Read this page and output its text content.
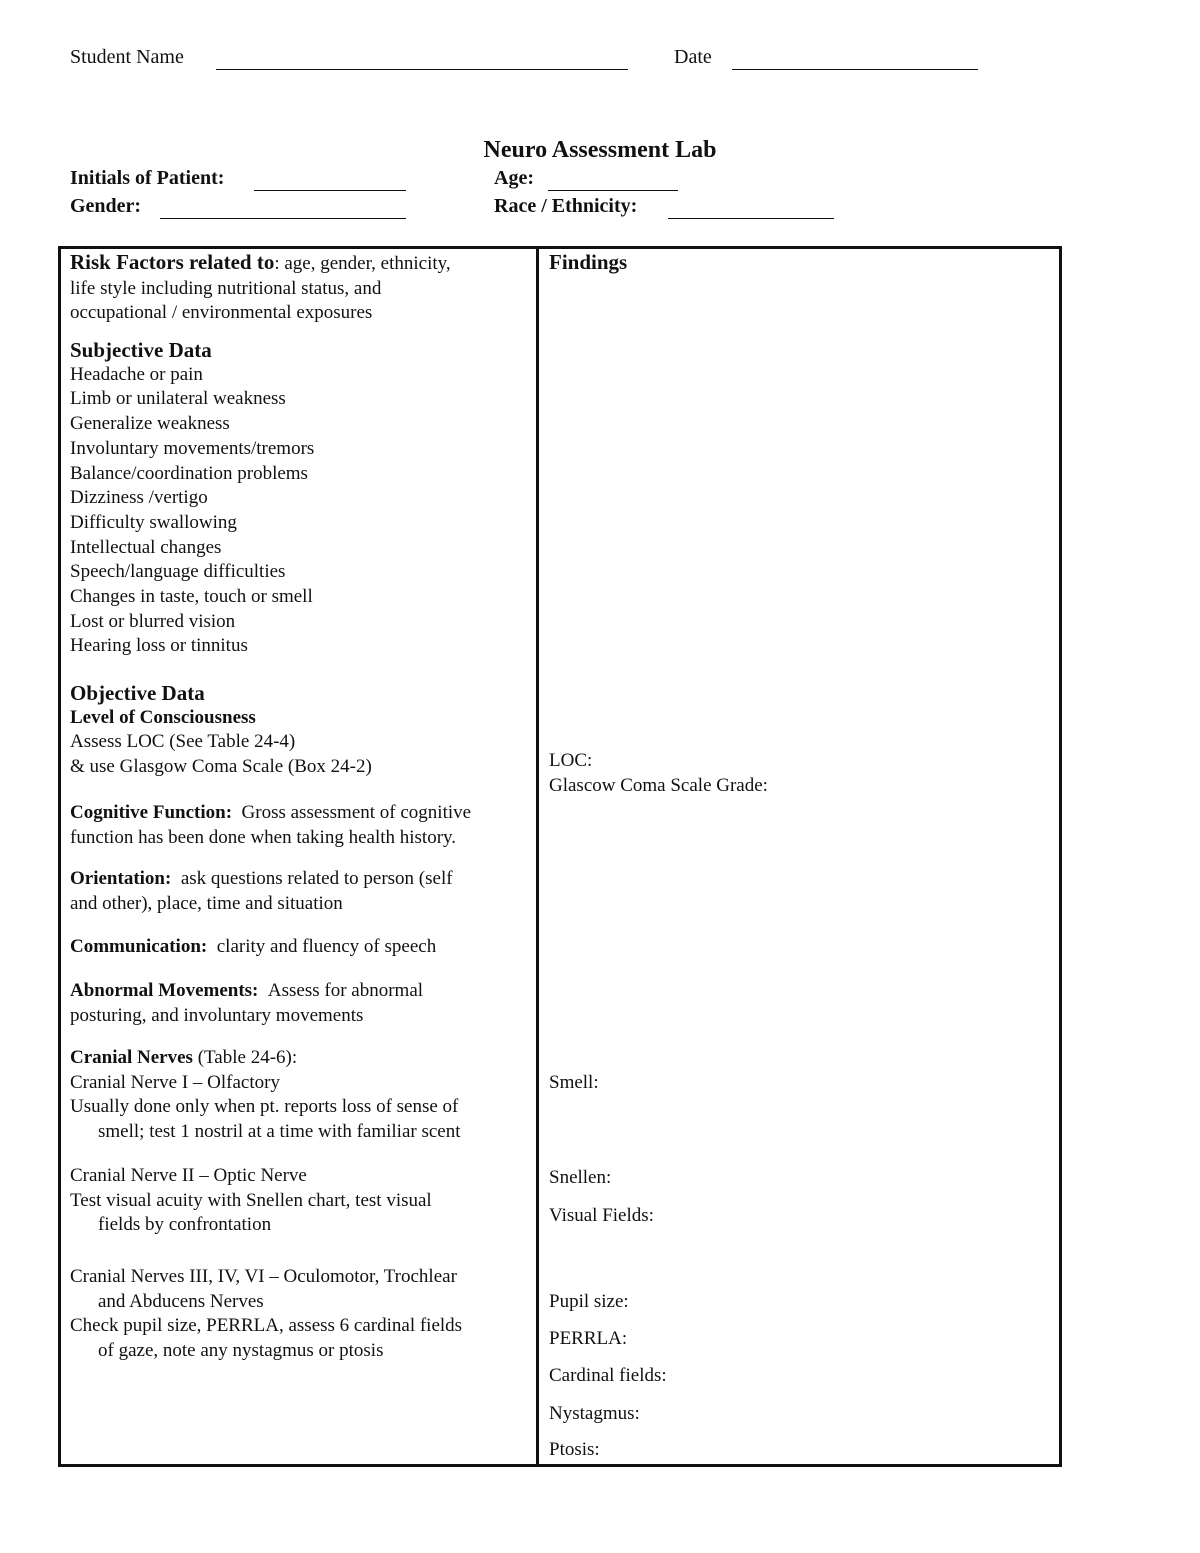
Student Name	Date
Neuro Assessment Lab
Initials of Patient:	Age:
Gender:	Race / Ethnicity:
Risk Factors related to: age, gender, ethnicity,
life style including nutritional status, and
occupational / environmental exposures
Subjective Data
Headache or pain
Limb or unilateral weakness
Generalize weakness
Involuntary movements/tremors
Balance/coordination problems
Dizziness /vertigo
Difficulty swallowing
Intellectual changes
Speech/language difficulties
Changes in taste, touch or smell
Lost or blurred vision
Hearing loss or tinnitus
Objective Data
Level of Consciousness
Assess LOC (See Table 24-4)
& use Glasgow Coma Scale (Box 24-2)
Cognitive Function: Gross assessment of cognitive
function has been done when taking health history.
Orientation: ask questions related to person (self
and other), place, time and situation
Communication: clarity and fluency of speech
Abnormal Movements: Assess for abnormal
posturing, and involuntary movements
Cranial Nerves (Table 24-6):
Cranial Nerve I – Olfactory
Usually done only when pt. reports loss of sense of
smell; test 1 nostril at a time with familiar scent
Cranial Nerve II – Optic Nerve
Test visual acuity with Snellen chart, test visual
fields by confrontation
Cranial Nerves III, IV, VI – Oculomotor, Trochlear
and Abducens Nerves
Check pupil size, PERRLA, assess 6 cardinal fields
of gaze, note any nystagmus or ptosis
Findings
LOC:
Glascow Coma Scale Grade:
Smell:
Snellen:
Visual Fields:
Pupil size:
PERRLA:
Cardinal fields:
Nystagmus:
Ptosis:
